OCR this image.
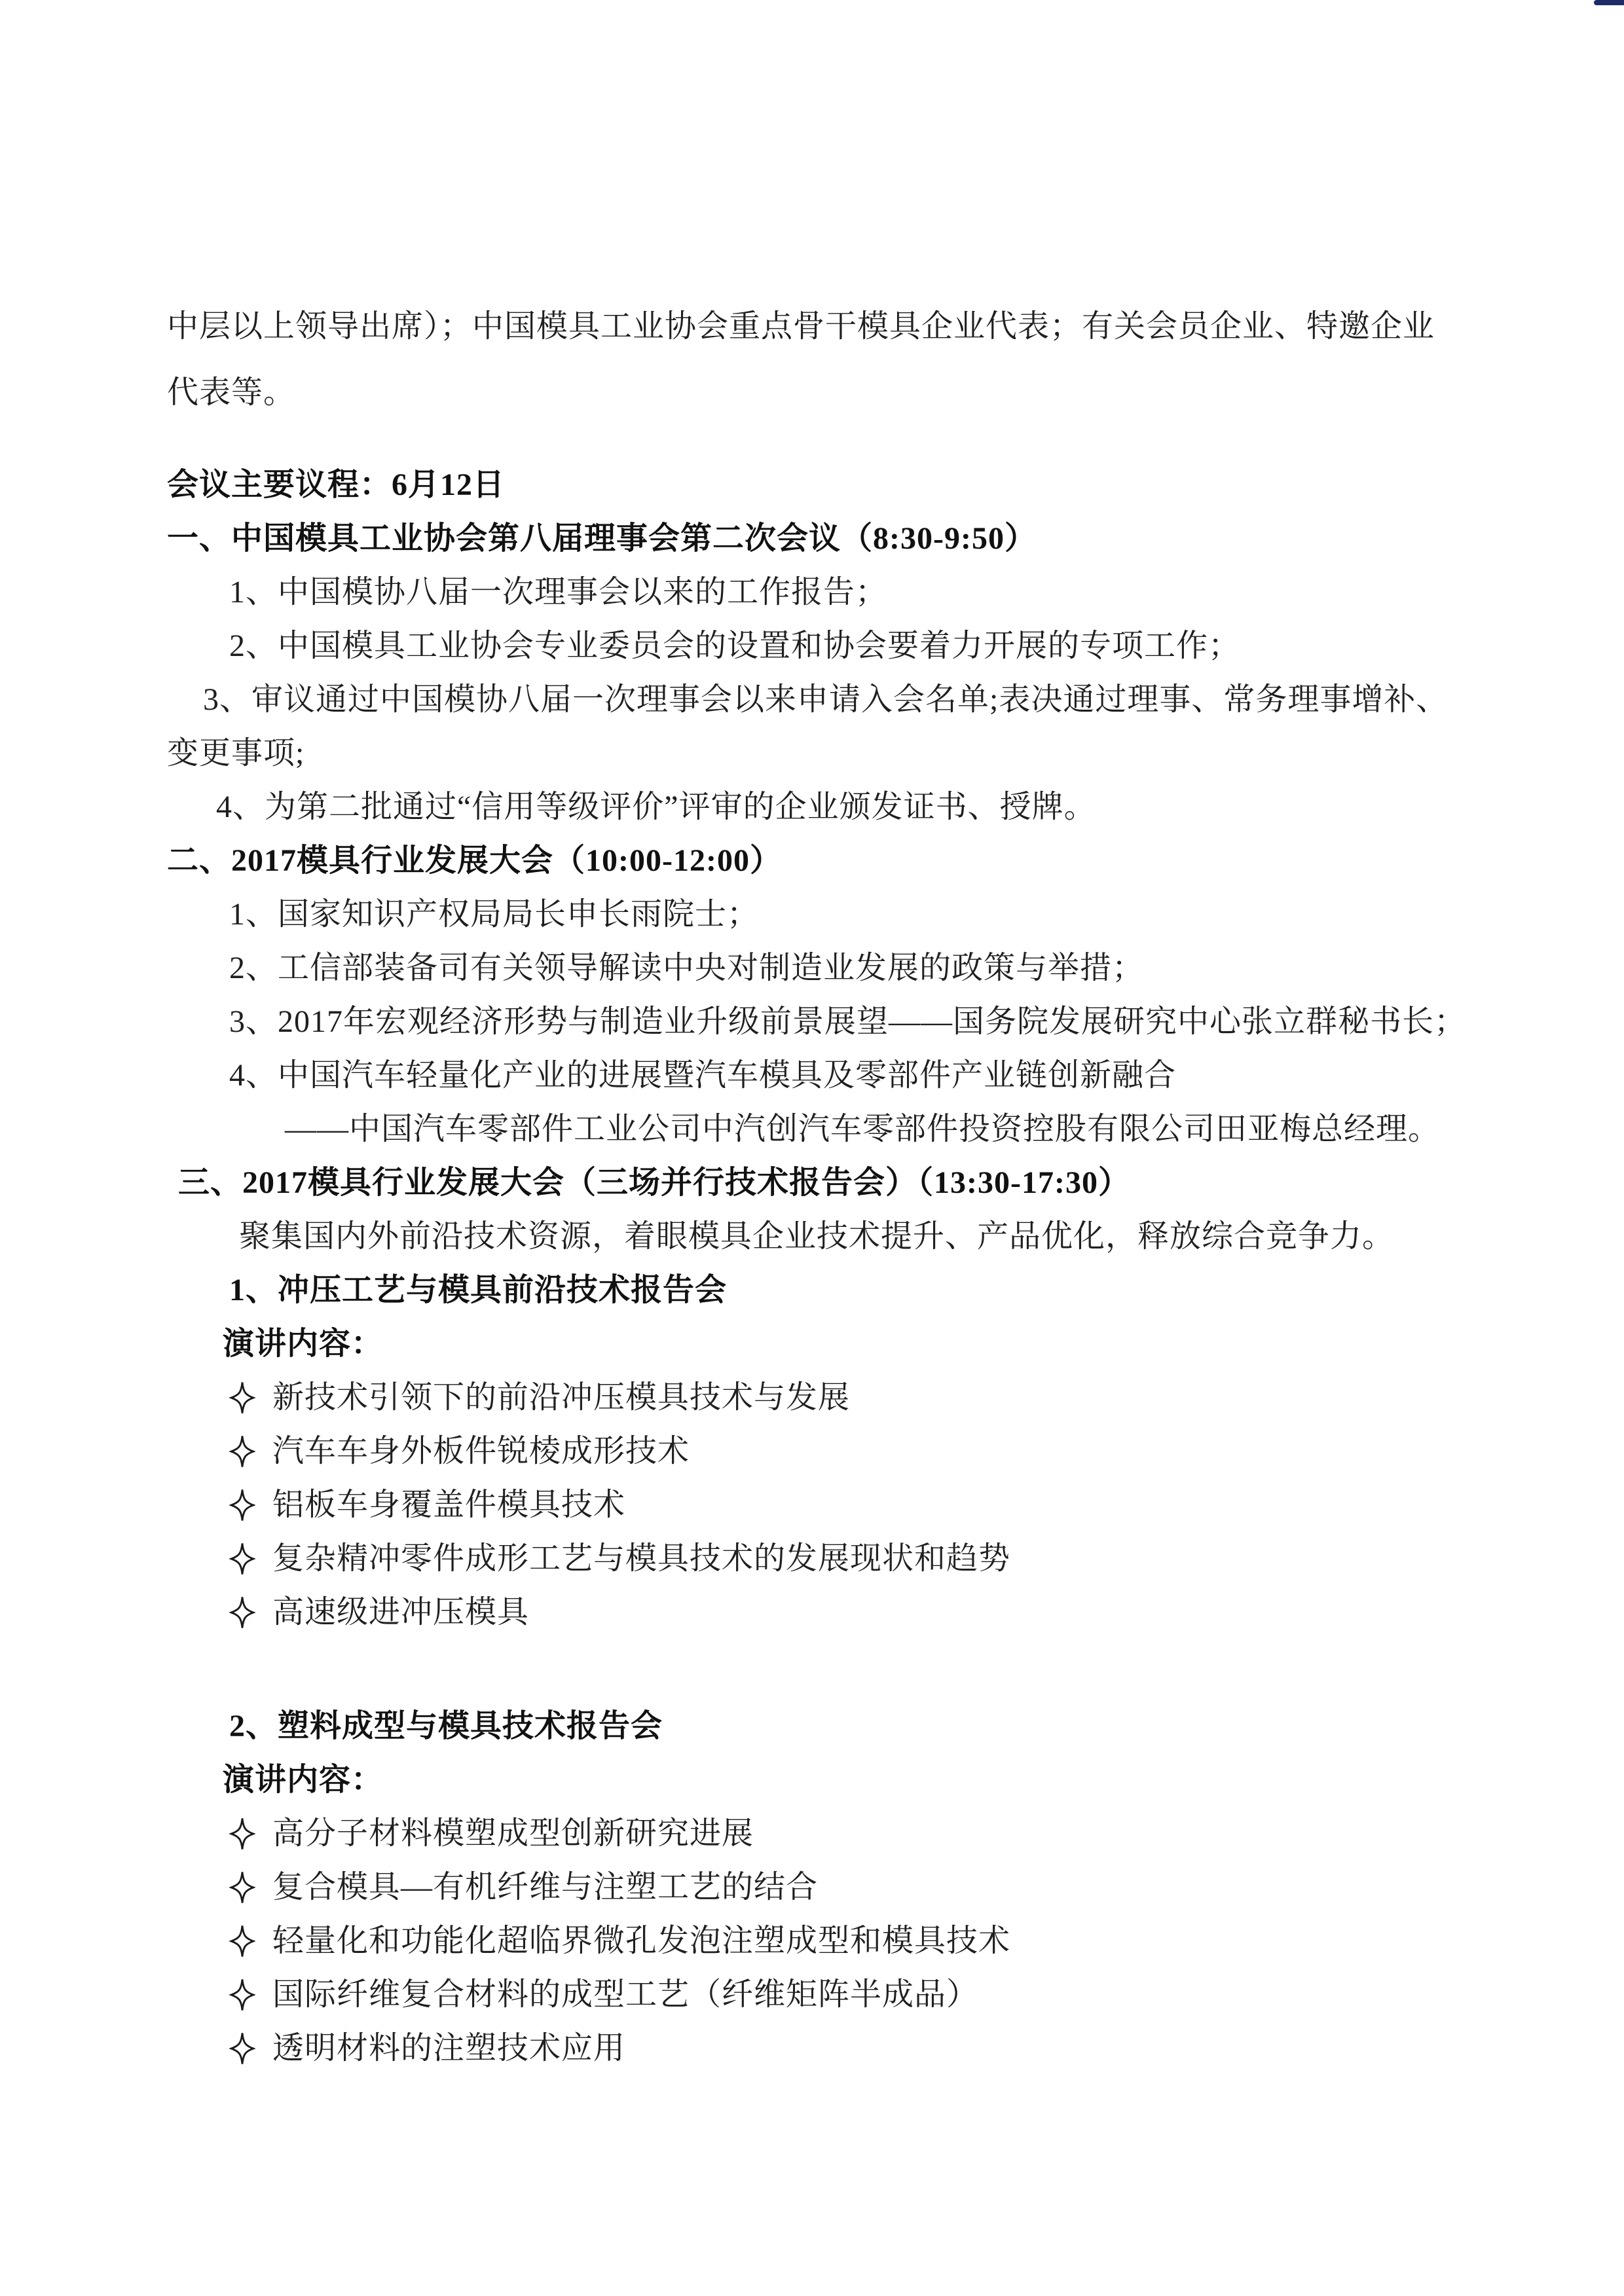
中层以上领导出席）；中国模具工业协会重点骨干模具企业代表；有关会员企业、特邀企业

代表等。

会议主要议程：6月12日

一、中国模具工业协会第八届理事会第二次会议（8:30-9:50）

1、中国模协八届一次理事会以来的工作报告；

2、中国模具工业协会专业委员会的设置和协会要着力开展的专项工作；

3、审议通过中国模协八届一次理事会以来申请入会名单;表决通过理事、常务理事增补、

变更事项;

4、为第二批通过“信用等级评价”评审的企业颁发证书、授牌。

二、2017模具行业发展大会（10:00-12:00）

1、国家知识产权局局长申长雨院士；

2、工信部装备司有关领导解读中央对制造业发展的政策与举措；

3、2017年宏观经济形势与制造业升级前景展望——国务院发展研究中心张立群秘书长；

4、中国汽车轻量化产业的进展暨汽车模具及零部件产业链创新融合

——中国汽车零部件工业公司中汽创汽车零部件投资控股有限公司田亚梅总经理。

三、2017模具行业发展大会（三场并行技术报告会）（13:30-17:30）

聚集国内外前沿技术资源，着眼模具企业技术提升、产品优化，释放综合竞争力。

1、冲压工艺与模具前沿技术报告会

演讲内容：

新技术引领下的前沿冲压模具技术与发展
汽车车身外板件锐棱成形技术
铝板车身覆盖件模具技术
复杂精冲零件成形工艺与模具技术的发展现状和趋势
高速级进冲压模具

2、塑料成型与模具技术报告会

演讲内容：

高分子材料模塑成型创新研究进展
复合模具—有机纤维与注塑工艺的结合
轻量化和功能化超临界微孔发泡注塑成型和模具技术
国际纤维复合材料的成型工艺（纤维矩阵半成品）
透明材料的注塑技术应用
